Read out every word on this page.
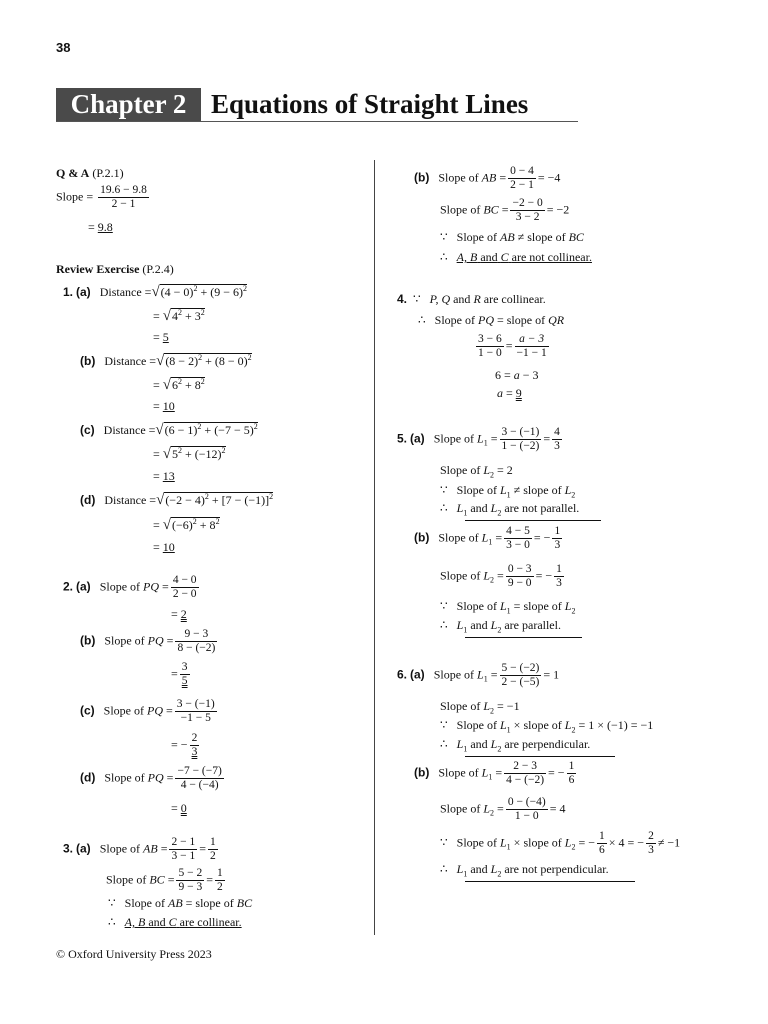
38
Chapter 2 Equations of Straight Lines
Q & A (P.2.1)
Slope = $\frac{19.6 - 9.8}{2 - 1}$
= 9.8
Review Exercise (P.2.4)
1. (a) Distance $=√(4 - 0)^2 + (9 - 6)^2$
= $√4^2 + 3^2$
= 5
(b) Distance $=√(8 - 2)^2 + (8 - 0)^2$
= $√6^2 + 8^2$
= 10
(c) Distance $=√(6 - 1)^2 + (-7 - 5)^2$
= $√5^2 + (-12)^2$
= 13
(d) Distance $=√(-2 - 4)^2 + [7 - (-1)]^2$
= $√(-6)^2 + 8^2$
= 10
2. (a) Slope of PQ = $\frac{4 - 0}{2 - 0}$
= 2
(b) Slope of PQ = $\frac{9 - 3}{8 - (-2)}$
= $\frac{3}{5}$
(c) Slope of PQ = $\frac{3 - (-1)}{-1 - 5}$
= − $\frac{2}{3}$
(d) Slope of PQ = $\frac{-7 - (-7)}{4 - (-4)}$
= 0
3. (a) Slope of AB = $\frac{2 - 1}{3 - 1} = \frac{1}{2}$
Slope of BC = $\frac{5 - 2}{9 - 3} = \frac{1}{2}$
∵ Slope of AB = slope of BC
∴ A, B and C are collinear.
(b) Slope of AB = $\frac{0 - 4}{2 - 1} = -4$
Slope of BC = $\frac{-2 - 0}{3 - 2} = -2$
∵ Slope of AB ≠ slope of BC
∴ A, B and C are not collinear.
4. ∵ P, Q and R are collinear.
∴ Slope of PQ = slope of QR
$\frac{3 - 6}{1 - 0} = \frac{a - 3}{-1 - 1}$
6 = a − 3
a = 9
5. (a) Slope of $L_1 = \frac{3 - (-1)}{1 - (-2)} = \frac{4}{3}$
Slope of $L_2 = 2$
∵ Slope of $L_1$ ≠ slope of $L_2$
∴ $L_1$ and $L_2$ are not parallel.
(b) Slope of $L_1 = \frac{4 - 5}{3 - 0}$ = − $\frac{1}{3}$
Slope of $L_2 = \frac{0 - 3}{9 - 0}$ = − $\frac{1}{3}$
∵ Slope of $L_1$ = slope of $L_2$
∴ $L_1$ and $L_2$ are parallel.
6. (a) Slope of $L_1 = \frac{5 - (-2)}{2 - (-5)} = 1$
Slope of $L_2 = -1$
∵ Slope of $L_1$ × slope of $L_2 = 1 \times (-1) = -1$
∴ $L_1$ and $L_2$ are perpendicular.
(b) Slope of $L_1 = \frac{2 - 3}{4 - (-2)}$ = − $\frac{1}{6}$
Slope of $L_2 = \frac{0 - (-4)}{1 - 0} = 4$
∵ Slope of $L_1$ × slope of $L_2$ = − $\frac{1}{6} \times 4$ = − $\frac{2}{3} \ne -1$
∴ $L_1$ and $L_2$ are not perpendicular.
© Oxford University Press 2023
